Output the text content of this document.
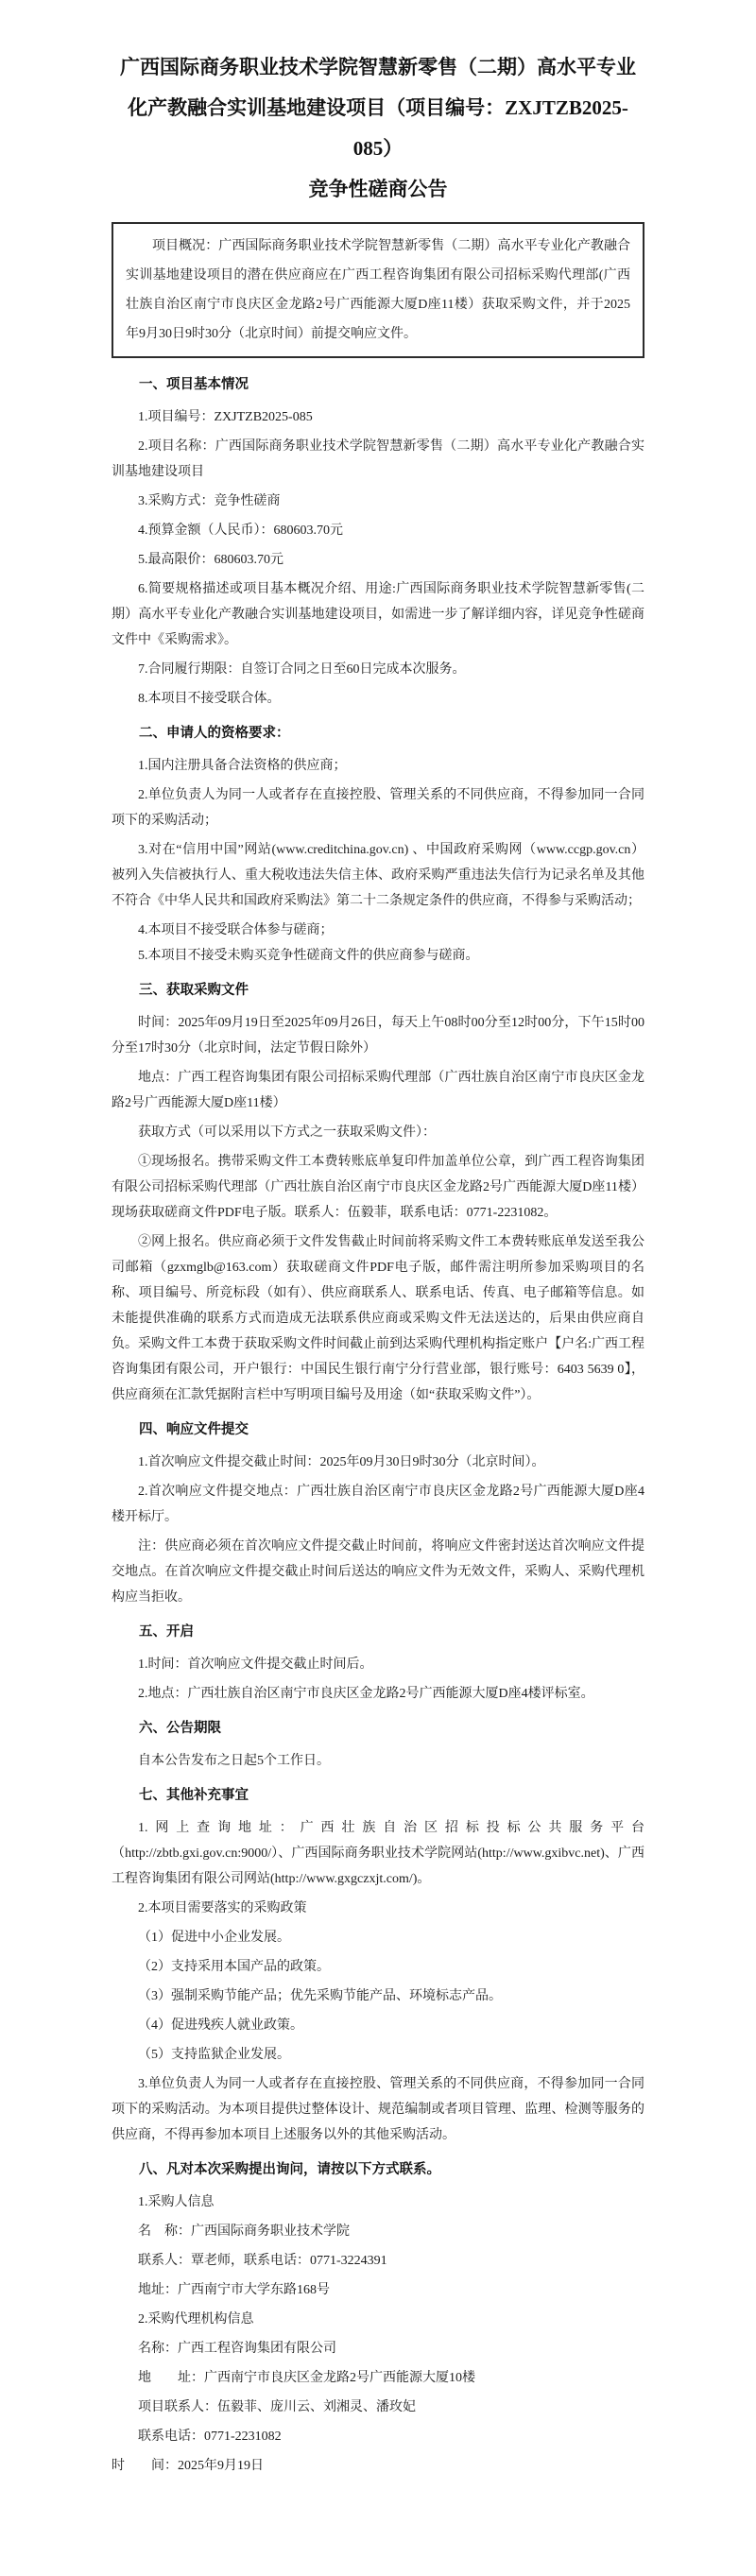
广西国际商务职业技术学院智慧新零售（二期）高水平专业
化产教融合实训基地建设项目（项目编号：ZXJTZB2025-085）
竞争性磋商公告

项目概况：广西国际商务职业技术学院智慧新零售（二期）高水平专业化产教融合实训基地建设项目的潜在供应商应在广西工程咨询集团有限公司招标采购代理部(广西壮族自治区南宁市良庆区金龙路2号广西能源大厦D座11楼）获取采购文件，并于2025年9月30日9时30分（北京时间）前提交响应文件。

一、项目基本情况

1.项目编号：ZXJTZB2025-085

2.项目名称：广西国际商务职业技术学院智慧新零售（二期）高水平专业化产教融合实训基地建设项目

3.采购方式：竞争性磋商

4.预算金额（人民币）：680603.70元

5.最高限价：680603.70元

6.简要规格描述或项目基本概况介绍、用途:广西国际商务职业技术学院智慧新零售(二期）高水平专业化产教融合实训基地建设项目，如需进一步了解详细内容，详见竞争性磋商文件中《采购需求》。

7.合同履行期限：自签订合同之日至60日完成本次服务。

8.本项目不接受联合体。

二、申请人的资格要求：

1.国内注册具备合法资格的供应商；

2.单位负责人为同一人或者存在直接控股、管理关系的不同供应商，不得参加同一合同项下的采购活动；

3.对在“信用中国”网站(www.creditchina.gov.cn) 、中国政府采购网（www.ccgp.gov.cn）被列入失信被执行人、重大税收违法失信主体、政府采购严重违法失信行为记录名单及其他不符合《中华人民共和国政府采购法》第二十二条规定条件的供应商，不得参与采购活动；

4.本项目不接受联合体参与磋商；

5.本项目不接受未购买竞争性磋商文件的供应商参与磋商。

三、获取采购文件

时间：2025年09月19日至2025年09月26日，每天上午08时00分至12时00分，下午15时00分至17时30分（北京时间，法定节假日除外）

地点：广西工程咨询集团有限公司招标采购代理部（广西壮族自治区南宁市良庆区金龙路2号广西能源大厦D座11楼）

获取方式（可以采用以下方式之一获取采购文件）：

①现场报名。携带采购文件工本费转账底单复印件加盖单位公章，到广西工程咨询集团有限公司招标采购代理部（广西壮族自治区南宁市良庆区金龙路2号广西能源大厦D座11楼）现场获取磋商文件PDF电子版。联系人：伍毅菲，联系电话：0771-2231082。

②网上报名。供应商必须于文件发售截止时间前将采购文件工本费转账底单发送至我公司邮箱（gzxmglb@163.com）获取磋商文件PDF电子版，邮件需注明所参加采购项目的名称、项目编号、所竞标段（如有）、供应商联系人、联系电话、传真、电子邮箱等信息。如未能提供准确的联系方式而造成无法联系供应商或采购文件无法送达的，后果由供应商自负。采购文件工本费于获取采购文件时间截止前到达采购代理机构指定账户【户名:广西工程咨询集团有限公司，开户银行：中国民生银行南宁分行营业部，银行账号：6403 5639 0】，供应商须在汇款凭据附言栏中写明项目编号及用途（如“获取采购文件”）。

四、响应文件提交

1.首次响应文件提交截止时间：2025年09月30日9时30分（北京时间）。

2.首次响应文件提交地点：广西壮族自治区南宁市良庆区金龙路2号广西能源大厦D座4楼开标厅。

注：供应商必须在首次响应文件提交截止时间前，将响应文件密封送达首次响应文件提交地点。在首次响应文件提交截止时间后送达的响应文件为无效文件，采购人、采购代理机构应当拒收。

五、开启

1.时间：首次响应文件提交截止时间后。

2.地点：广西壮族自治区南宁市良庆区金龙路2号广西能源大厦D座4楼评标室。

六、公告期限

自本公告发布之日起5个工作日。

七、其他补充事宜

1.网上查询地址：广西壮族自治区招标投标公共服务平台（http://zbtb.gxi.gov.cn:9000/）、广西国际商务职业技术学院网站(http://www.gxibvc.net)、广西工程咨询集团有限公司网站(http://www.gxgczxjt.com/)。

2.本项目需要落实的采购政策

（1）促进中小企业发展。

（2）支持采用本国产品的政策。

（3）强制采购节能产品；优先采购节能产品、环境标志产品。

（4）促进残疾人就业政策。

（5）支持监狱企业发展。

3.单位负责人为同一人或者存在直接控股、管理关系的不同供应商，不得参加同一合同项下的采购活动。为本项目提供过整体设计、规范编制或者项目管理、监理、检测等服务的供应商，不得再参加本项目上述服务以外的其他采购活动。

八、凡对本次采购提出询问，请按以下方式联系。

1.采购人信息

名　称：广西国际商务职业技术学院

联系人：覃老师，联系电话：0771-3224391

地址：广西南宁市大学东路168号

2.采购代理机构信息

名称：广西工程咨询集团有限公司

地　　址：广西南宁市良庆区金龙路2号广西能源大厦10楼

项目联系人：伍毅菲、庞川云、刘湘灵、潘玫妃

联系电话：0771-2231082

时　　间：2025年9月19日
